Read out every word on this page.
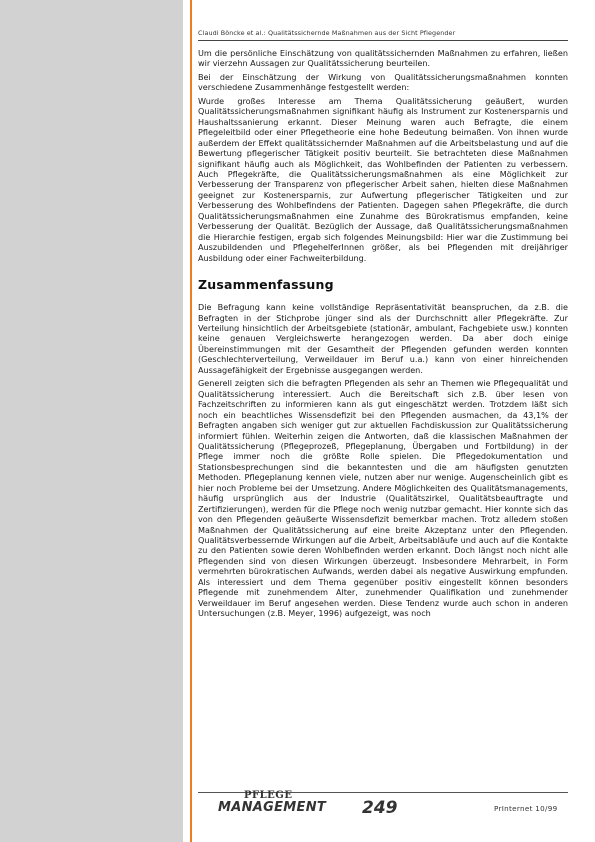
Claudi Böncke et al.: Qualitätssichernde Maßnahmen aus der Sicht Pflegender

Um die persönliche Einschätzung von qualitätssichernden Maßnahmen zu erfahren, ließen wir vierzehn Aussagen zur Qualitätssicherung beurteilen.

Bei der Einschätzung der Wirkung von Qualitätssicherungsmaßnahmen konnten verschiedene Zusammenhänge festgestellt werden:

Wurde großes Interesse am Thema Qualitätssicherung geäußert, wurden Qualitätssicherungsmaßnahmen signifikant häufig als Instrument zur Kostenersparnis und Haushaltssanierung erkannt. Dieser Meinung waren auch Befragte, die einem Pflegeleitbild oder einer Pflegetheorie eine hohe Bedeutung beimaßen. Von ihnen wurde außerdem der Effekt qualitätssichernder Maßnahmen auf die Arbeitsbelastung und auf die Bewertung pflegerischer Tätigkeit positiv beurteilt. Sie betrachteten diese Maßnahmen signifikant häufig auch als Möglichkeit, das Wohlbefinden der Patienten zu verbessern. Auch Pflegekräfte, die Qualitätssicherungsmaßnahmen als eine Möglichkeit zur Verbesserung der Transparenz von pflegerischer Arbeit sahen, hielten diese Maßnahmen geeignet zur Kostenersparnis, zur Aufwertung pflegerischer Tätigkeiten und zur Verbesserung des Wohlbefindens der Patienten. Dagegen sahen Pflegekräfte, die durch Qualitätssicherungsmaßnahmen eine Zunahme des Bürokratismus empfanden, keine Verbesserung der Qualität. Bezüglich der Aussage, daß Qualitätssicherungsmaßnahmen die Hierarchie festigen, ergab sich folgendes Meinungsbild: Hier war die Zustimmung bei Auszubildenden und PflegehelferInnen größer, als bei Pflegenden mit dreijähriger Ausbildung oder einer Fachweiterbildung.

Zusammenfassung

Die Befragung kann keine vollständige Repräsentativität beanspruchen, da z.B. die Befragten in der Stichprobe jünger sind als der Durchschnitt aller Pflegekräfte. Zur Verteilung hinsichtlich der Arbeitsgebiete (stationär, ambulant, Fachgebiete usw.) konnten keine genauen Vergleichswerte herangezogen werden. Da aber doch einige Übereinstimmungen mit der Gesamtheit der Pflegenden gefunden werden konnten (Geschlechterverteilung, Verweildauer im Beruf u.a.) kann von einer hinreichenden Aussagefähigkeit der Ergebnisse ausgegangen werden.

Generell zeigten sich die befragten Pflegenden als sehr an Themen wie Pflegequalität und Qualitätssicherung interessiert. Auch die Bereitschaft sich z.B. über lesen von Fachzeitschriften zu informieren kann als gut eingeschätzt werden. Trotzdem läßt sich noch ein beachtliches Wissensdefizit bei den Pflegenden ausmachen, da 43,1% der Befragten angaben sich weniger gut zur aktuellen Fachdiskussion zur Qualitätssicherung informiert fühlen. Weiterhin zeigen die Antworten, daß die klassischen Maßnahmen der Qualitätssicherung (Pflegeprozeß, Pflegeplanung, Übergaben und Fortbildung) in der Pflege immer noch die größte Rolle spielen. Die Pflegedokumentation und Stationsbesprechungen sind die bekanntesten und die am häufigsten genutzten Methoden. Pflegeplanung kennen viele, nutzen aber nur wenige. Augenscheinlich gibt es hier noch Probleme bei der Umsetzung. Andere Möglichkeiten des Qualitätsmanagements, häufig ursprünglich aus der Industrie (Qualitätszirkel, Qualitätsbeauftragte und Zertifizierungen), werden für die Pflege noch wenig nutzbar gemacht. Hier konnte sich das von den Pflegenden geäußerte Wissensdefizit bemerkbar machen. Trotz alledem stoßen Maßnahmen der Qualitätssicherung auf eine breite Akzeptanz unter den Pflegenden. Qualitätsverbessernde Wirkungen auf die Arbeit, Arbeitsabläufe und auch auf die Kontakte zu den Patienten sowie deren Wohlbefinden werden erkannt. Doch längst noch nicht alle Pflegenden sind von diesen Wirkungen überzeugt. Insbesondere Mehrarbeit, in Form vermehrten bürokratischen Aufwands, werden dabei als negative Auswirkung empfunden. Als interessiert und dem Thema gegenüber positiv eingestellt können besonders Pflegende mit zunehmendem Alter, zunehmender Qualifikation und zunehmender Verweildauer im Beruf angesehen werden. Diese Tendenz wurde auch schon in anderen Untersuchungen (z.B. Meyer, 1996) aufgezeigt, was noch

PFLEGE
MANAGEMENT 249	PrInternet 10/99
